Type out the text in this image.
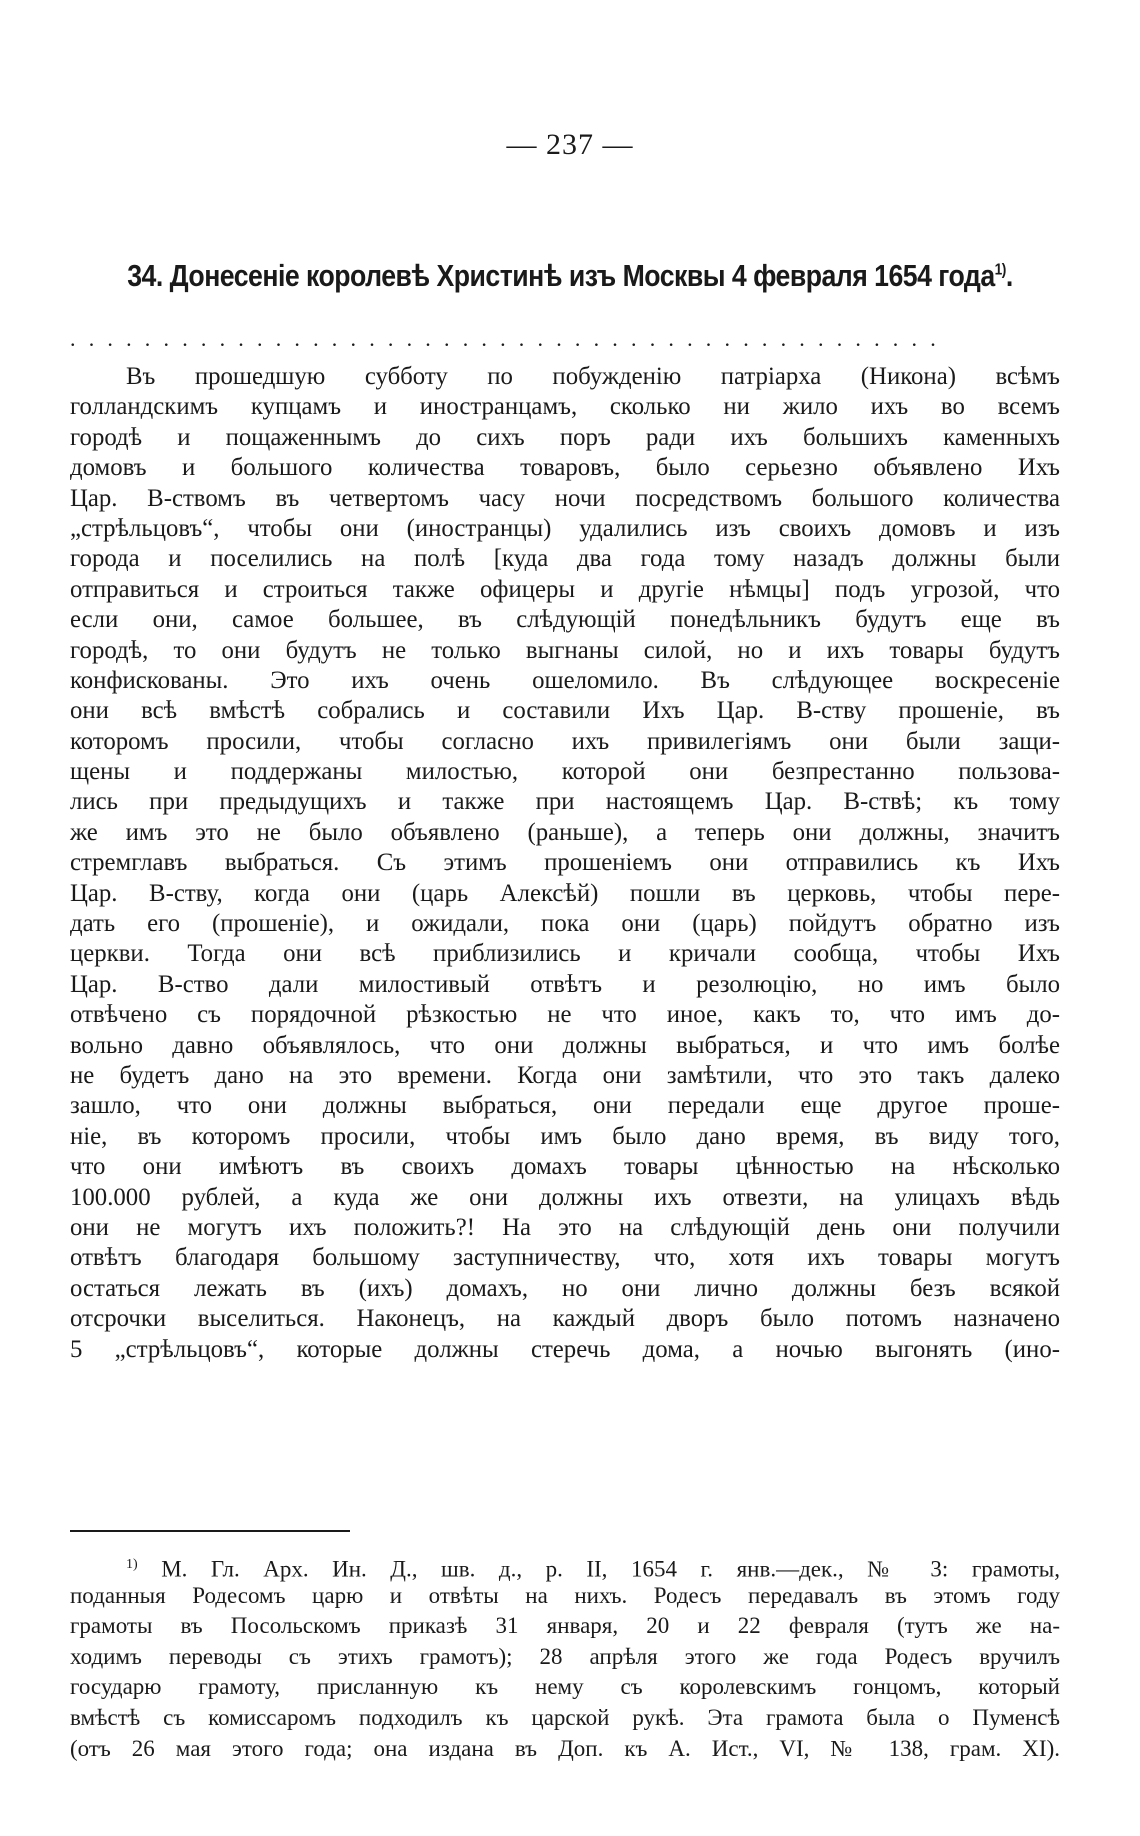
— 237 —
34. Донесеніе королевѣ Христинѣ изъ Москвы 4 февраля 1654 года$^{1)}$.
...............................................
Въ прошедшую субботу по побужденію патріарха (Никона) всѣмъ
голландскимъ купцамъ и иностранцамъ, сколько ни жило ихъ во всемъ
городѣ и пощаженнымъ до сихъ поръ ради ихъ большихъ каменныхъ
домовъ и большого количества товаровъ, было серьезно объявлено Ихъ
Цар. В-ствомъ въ четвертомъ часу ночи посредствомъ большого количества
„стрѣльцовъ“, чтобы они (иностранцы) удалились изъ своихъ домовъ и изъ
города и поселились на полѣ [куда два года тому назадъ должны были
отправиться и строиться также офицеры и другіе нѣмцы] подъ угрозой, что
если они, самое большее, въ слѣдующій понедѣльникъ будутъ еще въ
городѣ, то они будутъ не только выгнаны силой, но и ихъ товары будутъ
конфискованы. Это ихъ очень ошеломило. Въ слѣдующее воскресеніе
они всѣ вмѣстѣ собрались и составили Ихъ Цар. В-ству прошеніе, въ
которомъ просили, чтобы согласно ихъ привилегіямъ они были защи-
щены и поддержаны милостью, которой они безпрестанно пользова-
лись при предыдущихъ и также при настоящемъ Цар. В-ствѣ; къ тому
же имъ это не было объявлено (раньше), а теперь они должны, значитъ
стремглавъ выбраться. Съ этимъ прошеніемъ они отправились къ Ихъ
Цар. В-ству, когда они (царь Алексѣй) пошли въ церковь, чтобы пере-
дать его (прошеніе), и ожидали, пока они (царь) пойдутъ обратно изъ
церкви. Тогда они всѣ приблизились и кричали сообща, чтобы Ихъ
Цар. В-ство дали милостивый отвѣтъ и резолюцію, но имъ было
отвѣчено съ порядочной рѣзкостью не что иное, какъ то, что имъ до-
вольно давно объявлялось, что они должны выбраться, и что имъ болѣе
не будетъ дано на это времени. Когда они замѣтили, что это такъ далеко
зашло, что они должны выбраться, они передали еще другое проше-
ніе, въ которомъ просили, чтобы имъ было дано время, въ виду того,
что они имѣютъ въ своихъ домахъ товары цѣнностью на нѣсколько
100.000 рублей, а куда же они должны ихъ отвезти, на улицахъ вѣдь
они не могутъ ихъ положить?! На это на слѣдующій день они получили
отвѣтъ благодаря большому заступничеству, что, хотя ихъ товары могутъ
остаться лежать въ (ихъ) домахъ, но они лично должны безъ всякой
отсрочки выселиться. Наконецъ, на каждый дворъ было потомъ назначено
5 „стрѣльцовъ“, которые должны стеречь дома, а ночью выгонять (ино-
$^{1)}$ М. Гл. Арх. Ин. Д., шв. д., р. II, 1654 г. янв.—дек., № 3: грамоты,
поданныя Родесомъ царю и отвѣты на нихъ. Родесъ передавалъ въ этомъ году
грамоты въ Посольскомъ приказѣ 31 января, 20 и 22 февраля (тутъ же на-
ходимъ переводы съ этихъ грамотъ); 28 апрѣля этого же года Родесъ вручилъ
государю грамоту, присланную къ нему съ королевскимъ гонцомъ, который
вмѣстѣ съ комиссаромъ подходилъ къ царской рукѣ. Эта грамота была о Пуменсѣ
(отъ 26 мая этого года; она издана въ Доп. къ А. Ист., VI, № 138, грам. XI).
